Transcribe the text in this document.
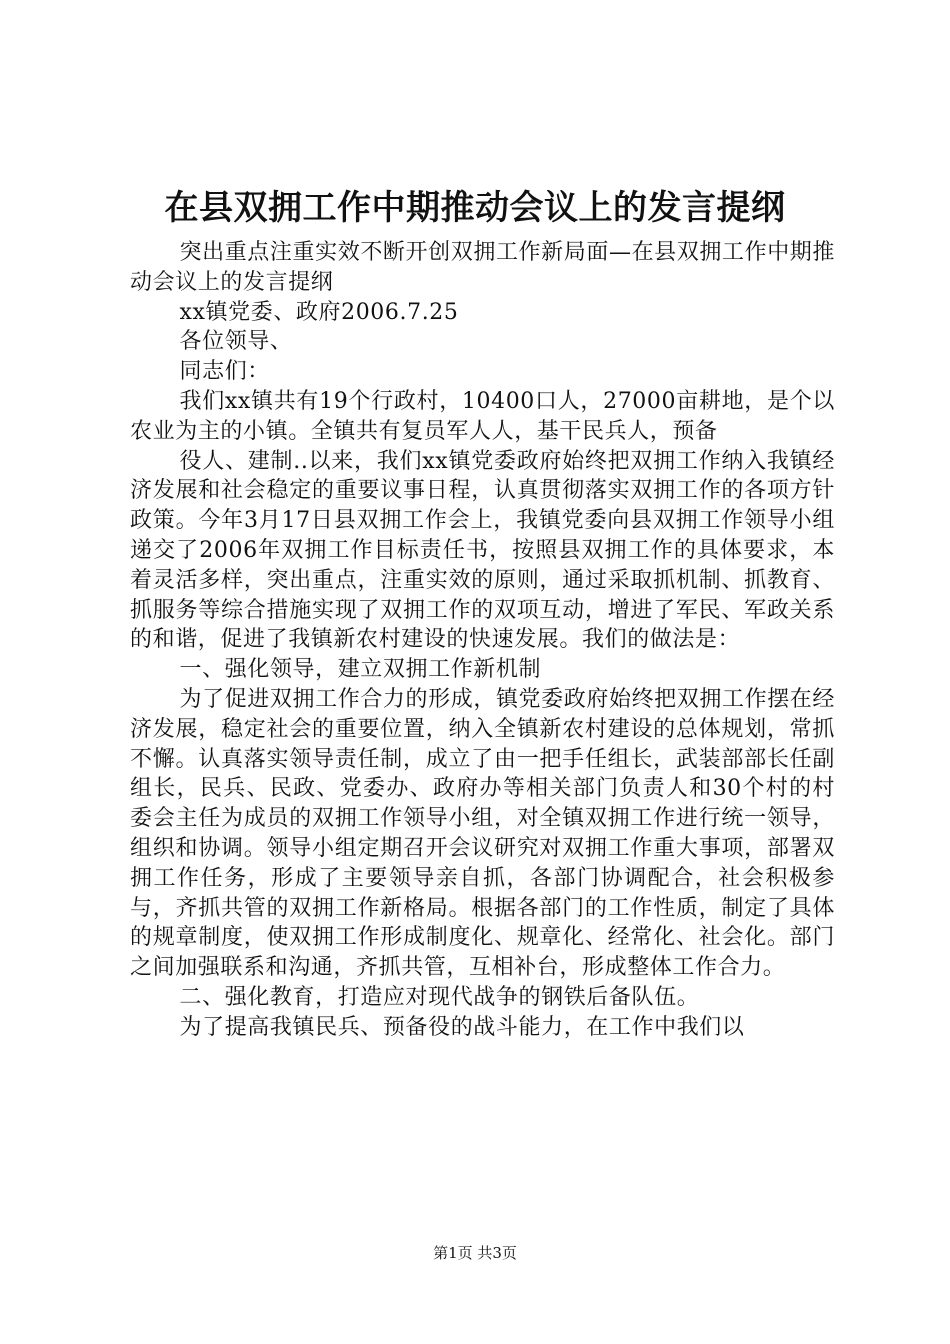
在县双拥工作中期推动会议上的发言提纲

突出重点注重实效不断开创双拥工作新局面—在县双拥工作中期推动会议上的发言提纲

xx镇党委、政府2006.7.25

各位领导、

同志们：

我们xx镇共有19个行政村，10400口人，27000亩耕地，是个以农业为主的小镇。全镇共有复员军人人，基干民兵人，预备

役人、建制..以来，我们xx镇党委政府始终把双拥工作纳入我镇经济发展和社会稳定的重要议事日程，认真贯彻落实双拥工作的各项方针政策。今年3月17日县双拥工作会上，我镇党委向县双拥工作领导小组递交了2006年双拥工作目标责任书，按照县双拥工作的具体要求，本着灵活多样，突出重点，注重实效的原则，通过采取抓机制、抓教育、抓服务等综合措施实现了双拥工作的双项互动，增进了军民、军政关系的和谐，促进了我镇新农村建设的快速发展。我们的做法是：

一、强化领导，建立双拥工作新机制

为了促进双拥工作合力的形成，镇党委政府始终把双拥工作摆在经济发展，稳定社会的重要位置，纳入全镇新农村建设的总体规划，常抓不懈。认真落实领导责任制，成立了由一把手任组长，武装部部长任副组长，民兵、民政、党委办、政府办等相关部门负责人和30个村的村委会主任为成员的双拥工作领导小组，对全镇双拥工作进行统一领导，组织和协调。领导小组定期召开会议研究对双拥工作重大事项，部署双拥工作任务，形成了主要领导亲自抓，各部门协调配合，社会积极参与，齐抓共管的双拥工作新格局。根据各部门的工作性质，制定了具体的规章制度，使双拥工作形成制度化、规章化、经常化、社会化。部门之间加强联系和沟通，齐抓共管，互相补台，形成整体工作合力。

二、强化教育，打造应对现代战争的钢铁后备队伍。

为了提高我镇民兵、预备役的战斗能力，在工作中我们以

第1页 共3页
